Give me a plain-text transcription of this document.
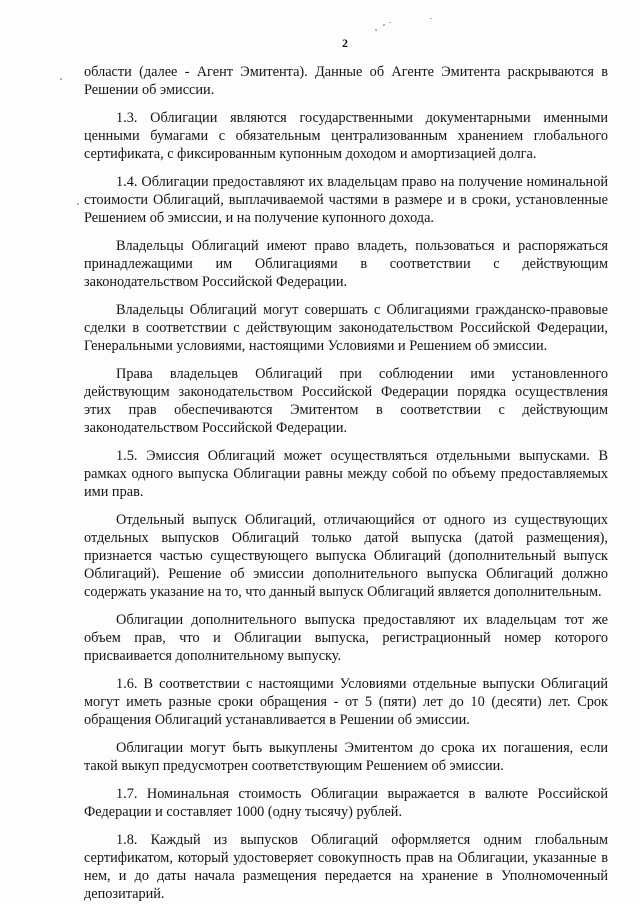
2

области (далее - Агент Эмитента). Данные об Агенте Эмитента раскрываются в Решении об эмиссии.

1.3. Облигации являются государственными документарными именными ценными бумагами с обязательным централизованным хранением глобального сертификата, с фиксированным купонным доходом и амортизацией долга.

1.4. Облигации предоставляют их владельцам право на получение номинальной стоимости Облигаций, выплачиваемой частями в размере и в сроки, установленные Решением об эмиссии, и на получение купонного дохода.

Владельцы Облигаций имеют право владеть, пользоваться и распоряжаться принадлежащими им Облигациями в соответствии с действующим законодательством Российской Федерации.

Владельцы Облигаций могут совершать с Облигациями гражданско-правовые сделки в соответствии с действующим законодательством Российской Федерации, Генеральными условиями, настоящими Условиями и Решением об эмиссии.

Права владельцев Облигаций при соблюдении ими установленного действующим законодательством Российской Федерации порядка осуществления этих прав обеспечиваются Эмитентом в соответствии с действующим законодательством Российской Федерации.

1.5. Эмиссия Облигаций может осуществляться отдельными выпусками. В рамках одного выпуска Облигации равны между собой по объему предоставляемых ими прав.

Отдельный выпуск Облигаций, отличающийся от одного из существующих отдельных выпусков Облигаций только датой выпуска (датой размещения), признается частью существующего выпуска Облигаций (дополнительный выпуск Облигаций). Решение об эмиссии дополнительного выпуска Облигаций должно содержать указание на то, что данный выпуск Облигаций является дополнительным.

Облигации дополнительного выпуска предоставляют их владельцам тот же объем прав, что и Облигации выпуска, регистрационный номер которого присваивается дополнительному выпуску.

1.6. В соответствии с настоящими Условиями отдельные выпуски Облигаций могут иметь разные сроки обращения - от 5 (пяти) лет до 10 (десяти) лет. Срок обращения Облигаций устанавливается в Решении об эмиссии.

Облигации могут быть выкуплены Эмитентом до срока их погашения, если такой выкуп предусмотрен соответствующим Решением об эмиссии.

1.7. Номинальная стоимость Облигации выражается в валюте Российской Федерации и составляет 1000 (одну тысячу) рублей.

1.8. Каждый из выпусков Облигаций оформляется одним глобальным сертификатом, который удостоверяет совокупность прав на Облигации, указанные в нем, и до даты начала размещения передается на хранение в Уполномоченный депозитарий.
